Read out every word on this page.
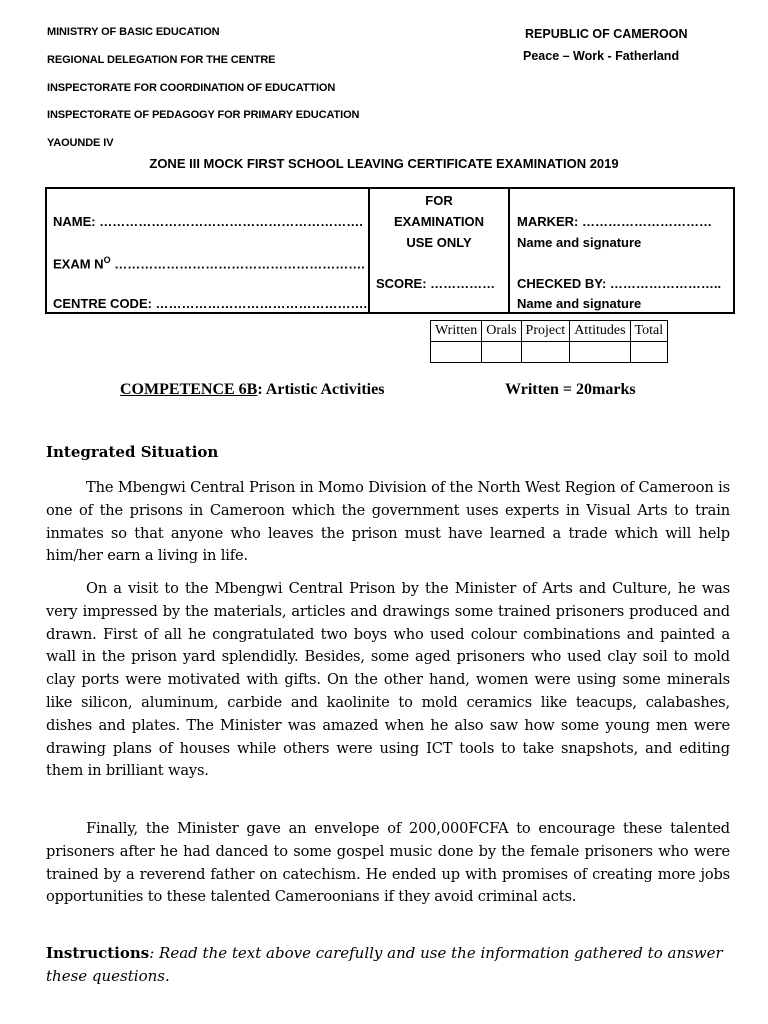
MINISTRY OF BASIC EDUCATION
REGIONAL DELEGATION FOR THE CENTRE
INSPECTORATE FOR COORDINATION OF EDUCATTION
INSPECTORATE OF PEDAGOGY FOR PRIMARY EDUCATION
YAOUNDE IV
REPUBLIC OF CAMEROON
Peace – Work - Fatherland
ZONE III MOCK FIRST SCHOOL LEAVING CERTIFICATE EXAMINATION 2019
NAME: …………………………………………………….
EXAM $N^O$ ………………………………………………….
CENTRE CODE: ………………………………………….
FOR
EXAMINATION
USE ONLY
SCORE: ……………
MARKER: …………………………
Name and signature
CHECKED BY: ……………………..
Name and signature
Written	Orals	Project	Attitudes	Total

COMPETENCE 6B: Artistic Activities	Written = 20marks
Integrated Situation

The Mbengwi Central Prison in Momo Division of the North West Region of Cameroon is one of the prisons in Cameroon which the government uses experts in Visual Arts to train inmates so that anyone who leaves the prison must have learned a trade which will help him/her earn a living in life.

On a visit to the Mbengwi Central Prison by the Minister of Arts and Culture, he was very impressed by the materials, articles and drawings some trained prisoners produced and drawn. First of all he congratulated two boys who used colour combinations and painted a wall in the prison yard splendidly. Besides, some aged prisoners who used clay soil to mold clay ports were motivated with gifts. On the other hand, women were using some minerals like silicon, aluminum, carbide and kaolinite to mold ceramics like teacups, calabashes, dishes and plates. The Minister was amazed when he also saw how some young men were drawing plans of houses while others were using ICT tools to take snapshots, and editing them in brilliant ways.

Finally, the Minister gave an envelope of 200,000FCFA to encourage these talented prisoners after he had danced to some gospel music done by the female prisoners who were trained by a reverend father on catechism. He ended up with promises of creating more jobs opportunities to these talented Cameroonians if they avoid criminal acts.

Instructions: Read the text above carefully and use the information gathered to answer these questions.
